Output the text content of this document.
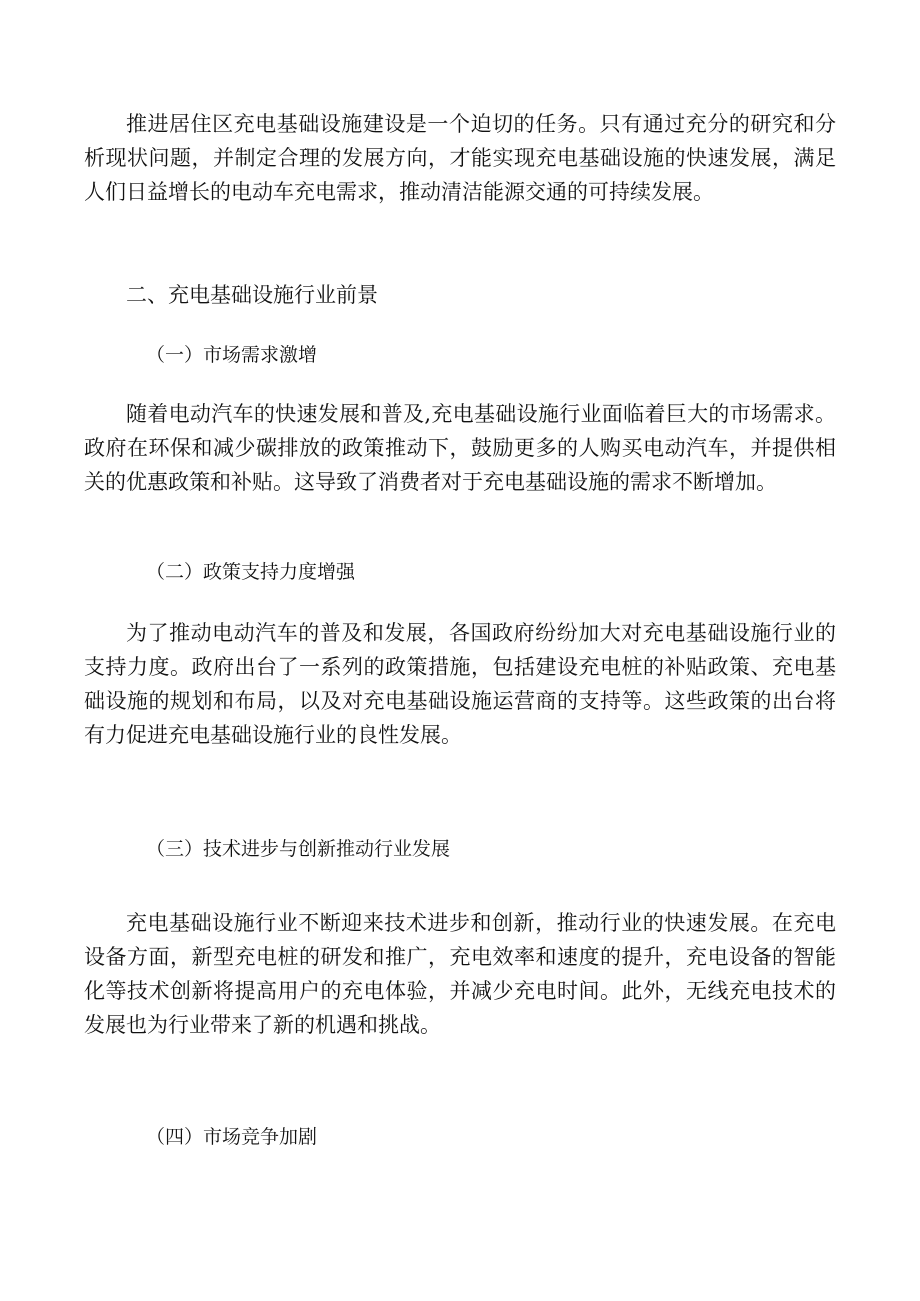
推进居住区充电基础设施建设是一个迫切的任务。只有通过充分的研究和分析现状问题，并制定合理的发展方向，才能实现充电基础设施的快速发展，满足人们日益增长的电动车充电需求，推动清洁能源交通的可持续发展。

二、充电基础设施行业前景
（一）市场需求激增

随着电动汽车的快速发展和普及,充电基础设施行业面临着巨大的市场需求。政府在环保和减少碳排放的政策推动下，鼓励更多的人购买电动汽车，并提供相关的优惠政策和补贴。这导致了消费者对于充电基础设施的需求不断增加。

（二）政策支持力度增强

为了推动电动汽车的普及和发展，各国政府纷纷加大对充电基础设施行业的支持力度。政府出台了一系列的政策措施，包括建设充电桩的补贴政策、充电基础设施的规划和布局，以及对充电基础设施运营商的支持等。这些政策的出台将有力促进充电基础设施行业的良性发展。

（三）技术进步与创新推动行业发展

充电基础设施行业不断迎来技术进步和创新，推动行业的快速发展。在充电设备方面，新型充电桩的研发和推广，充电效率和速度的提升，充电设备的智能化等技术创新将提高用户的充电体验，并减少充电时间。此外，无线充电技术的发展也为行业带来了新的机遇和挑战。

（四）市场竞争加剧
